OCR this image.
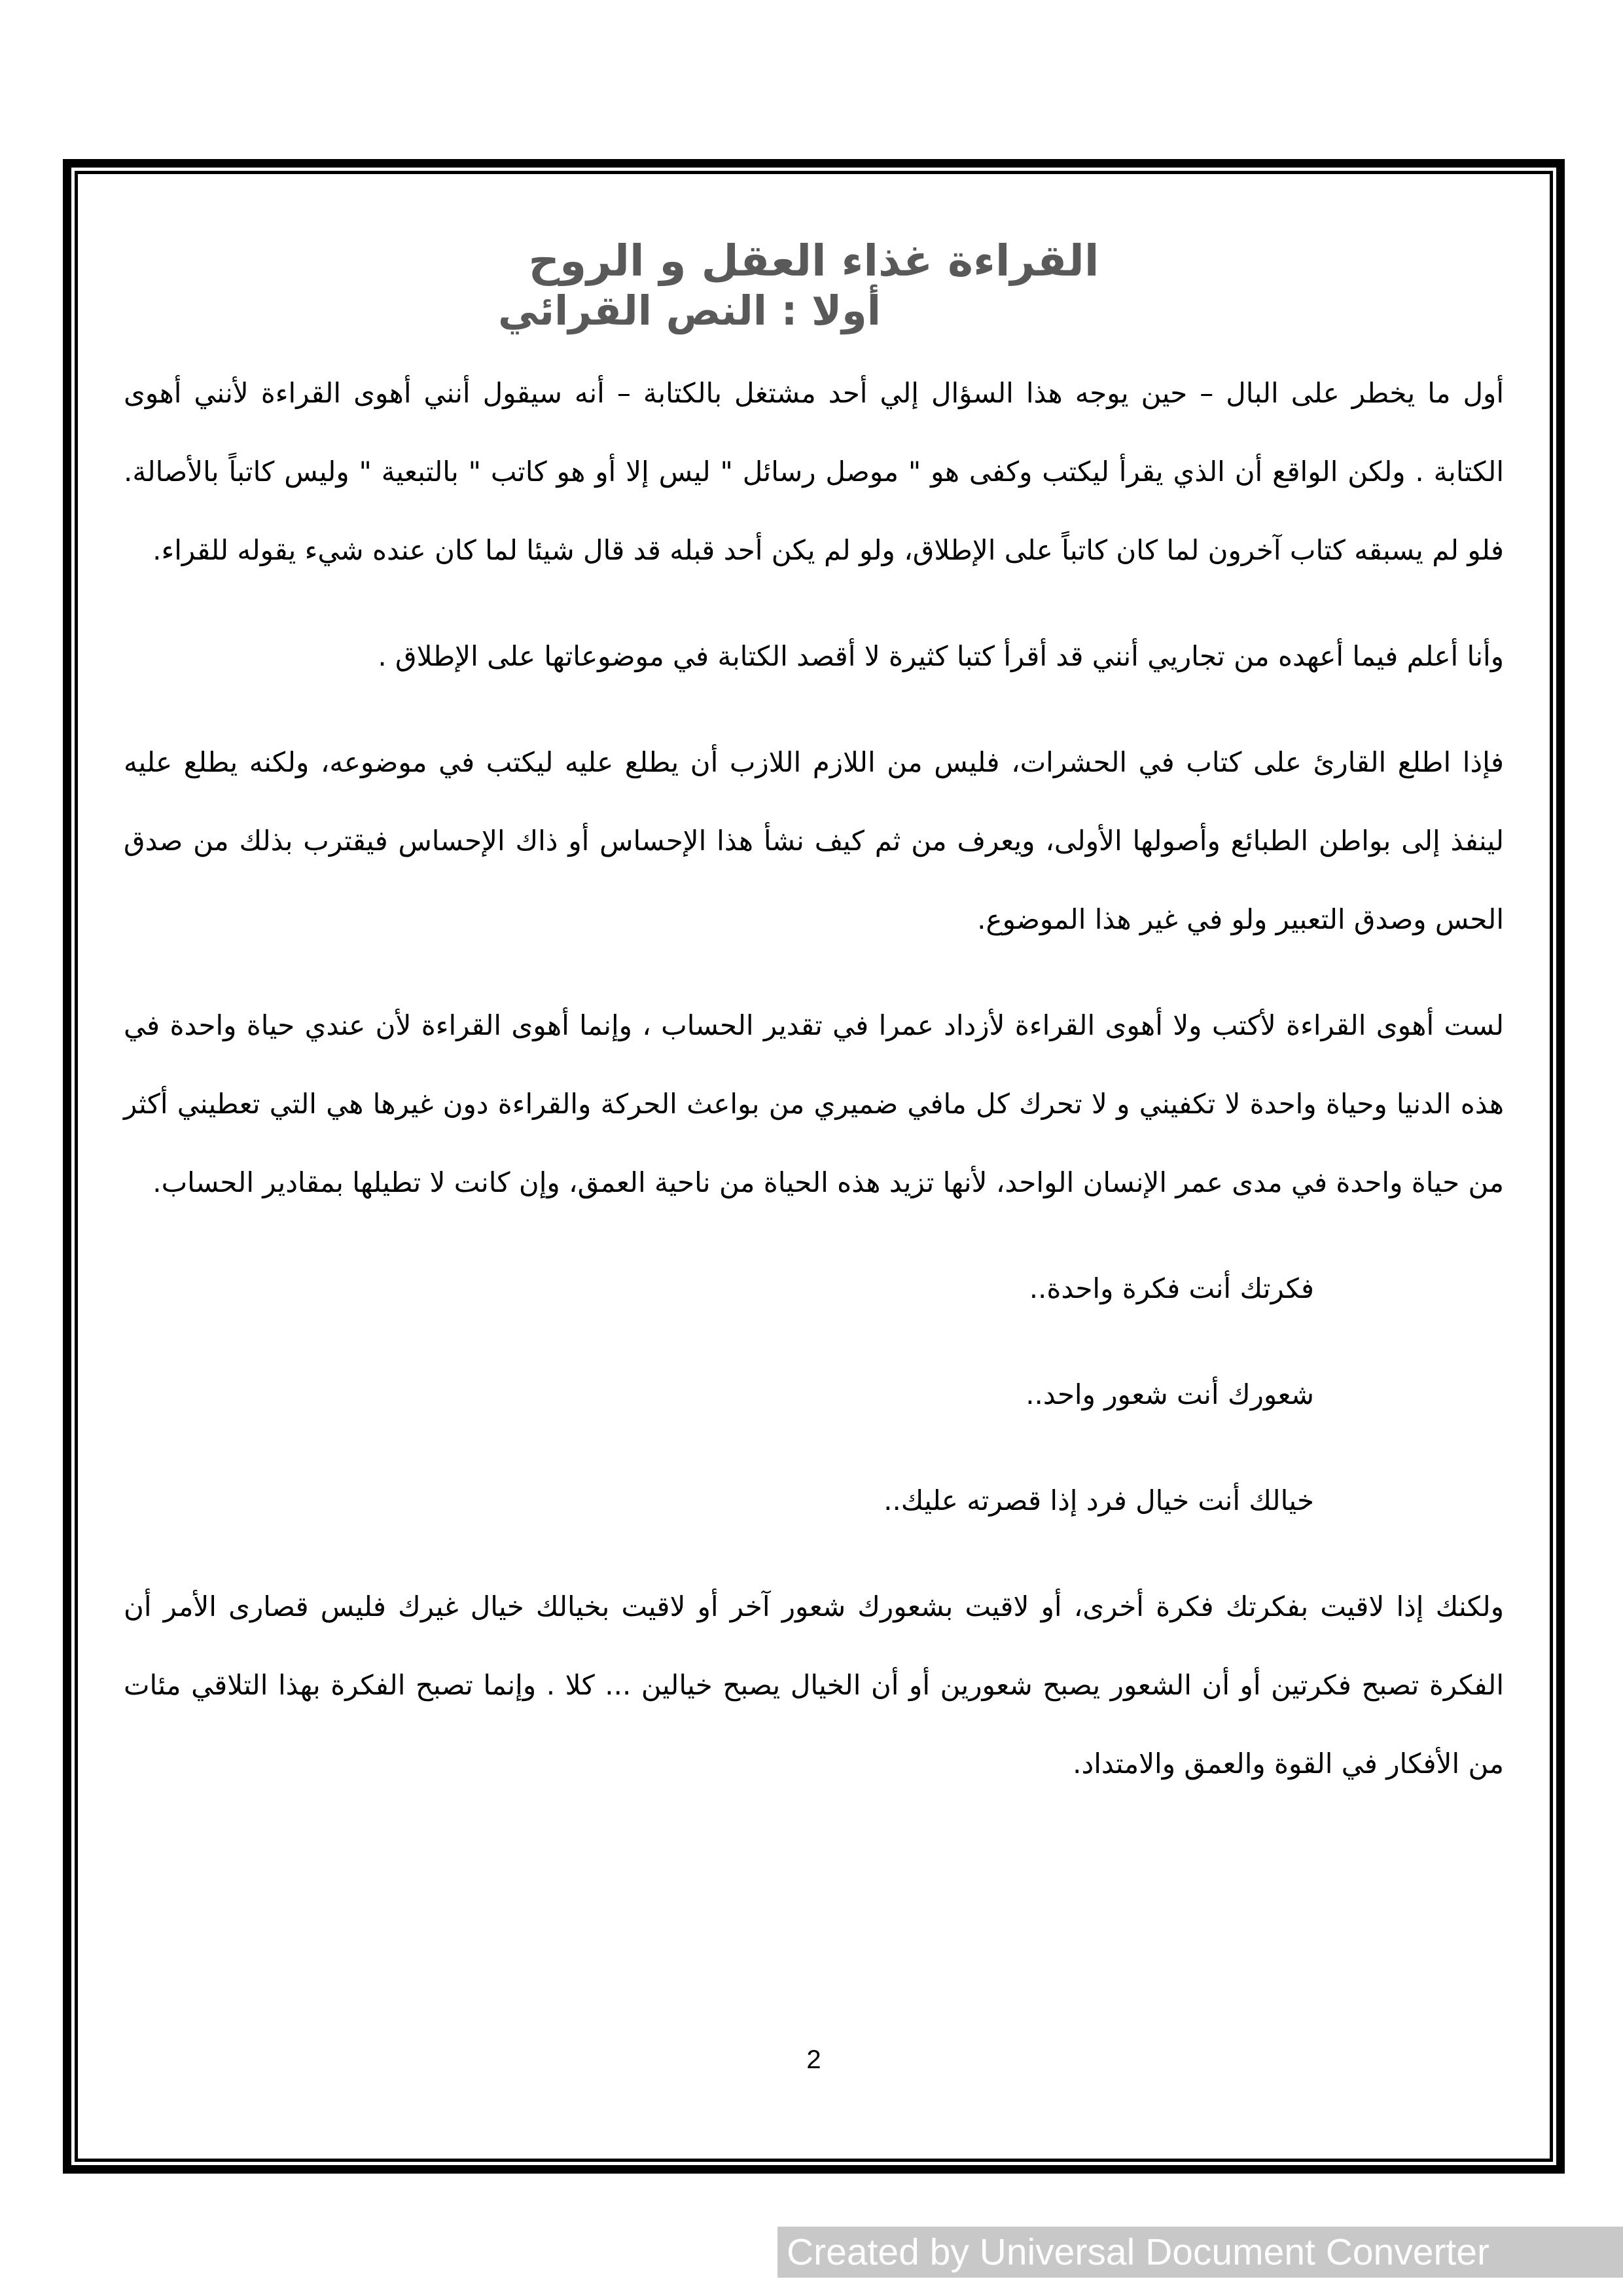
القراءة غذاء العقل و الروح
أولا : النص القرائي

أول ما يخطر على البال – حين يوجه هذا السؤال إلي أحد مشتغل بالكتابة – أنه سيقول أنني أهوى القراءة لأنني أهوى الكتابة . ولكن الواقع أن الذي يقرأ ليكتب وكفى هو " موصل رسائل " ليس إلا أو هو كاتب " بالتبعية " وليس كاتباً بالأصالة. فلو لم يسبقه كتاب آخرون لما كان كاتباً على الإطلاق، ولو لم يكن أحد قبله قد قال شيئا لما كان عنده شيء يقوله للقراء.

وأنا أعلم فيما أعهده من تجاريي أنني قد أقرأ كتبا كثيرة لا أقصد الكتابة في موضوعاتها على الإطلاق .

فإذا اطلع القارئ على كتاب في الحشرات، فليس من اللازم اللازب أن يطلع عليه ليكتب في موضوعه، ولكنه يطلع عليه لينفذ إلى بواطن الطبائع وأصولها الأولى، ويعرف من ثم كيف نشأ هذا الإحساس أو ذاك الإحساس فيقترب بذلك من صدق الحس وصدق التعبير ولو في غير هذا الموضوع.

لست أهوى القراءة لأكتب ولا أهوى القراءة لأزداد عمرا في تقدير الحساب ، وإنما أهوى القراءة لأن عندي حياة واحدة في هذه الدنيا وحياة واحدة لا تكفيني و لا تحرك كل مافي ضميري من بواعث الحركة والقراءة دون غيرها هي التي تعطيني أكثر من حياة واحدة في مدى عمر الإنسان الواحد، لأنها تزيد هذه الحياة من ناحية العمق، وإن كانت لا تطيلها بمقادير الحساب.

فكرتك أنت فكرة واحدة..

شعورك أنت شعور واحد..

خيالك أنت خيال فرد إذا قصرته عليك..

ولكنك إذا لاقيت بفكرتك فكرة أخرى، أو لاقيت بشعورك شعور آخر أو لاقيت بخيالك خيال غيرك فليس قصارى الأمر أن الفكرة تصبح فكرتين أو أن الشعور يصبح شعورين أو أن الخيال يصبح خيالين ... كلا . وإنما تصبح الفكرة بهذا التلاقي مئات من الأفكار في القوة والعمق والامتداد.

2
Created by Universal Document Converter
